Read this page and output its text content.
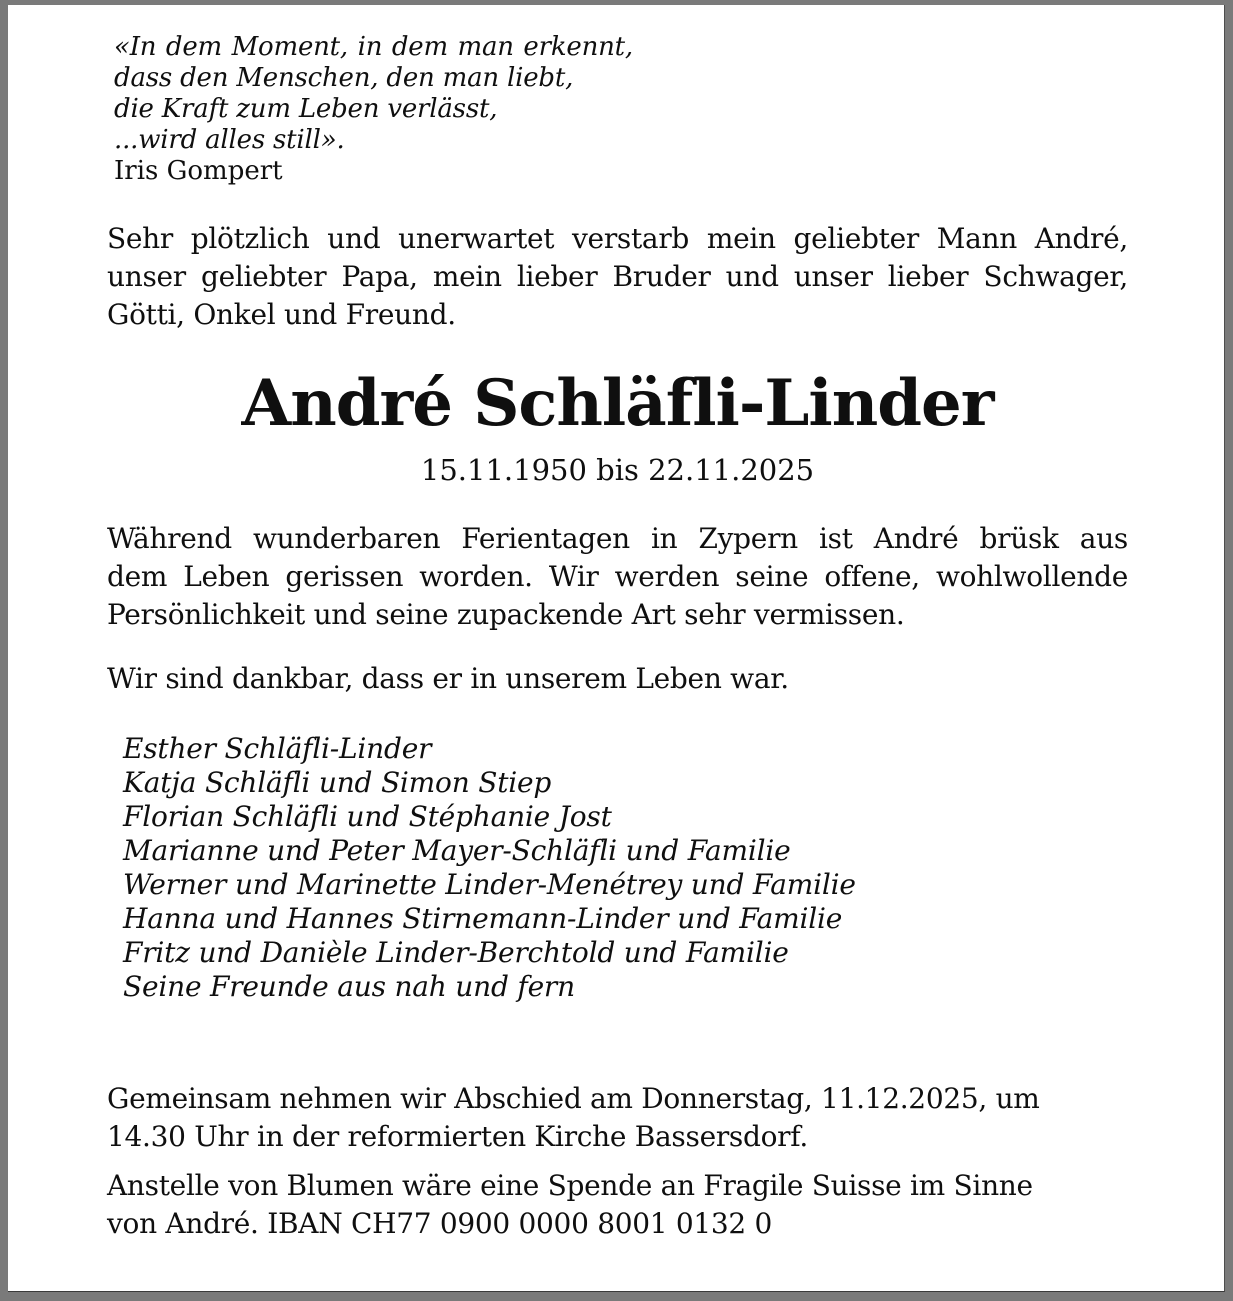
«In dem Moment, in dem man erkennt,
dass den Menschen, den man liebt,
die Kraft zum Leben verlässt,
...wird alles still».
Iris Gompert
Sehr plötzlich und unerwartet verstarb mein geliebter Mann André,
unser geliebter Papa, mein lieber Bruder und unser lieber Schwager,
Götti, Onkel und Freund.
André Schläfli-Linder
15.11.1950 bis 22.11.2025
Während wunderbaren Ferientagen in Zypern ist André brüsk aus
dem Leben gerissen worden. Wir werden seine offene, wohlwollende
Persönlichkeit und seine zupackende Art sehr vermissen.
Wir sind dankbar, dass er in unserem Leben war.
Esther Schläfli-Linder
Katja Schläfli und Simon Stiep
Florian Schläfli und Stéphanie Jost
Marianne und Peter Mayer-Schläfli und Familie
Werner und Marinette Linder-Menétrey und Familie
Hanna und Hannes Stirnemann-Linder und Familie
Fritz und Danièle Linder-Berchtold und Familie
Seine Freunde aus nah und fern
Gemeinsam nehmen wir Abschied am Donnerstag, 11.12.2025, um
14.30 Uhr in der reformierten Kirche Bassersdorf.
Anstelle von Blumen wäre eine Spende an Fragile Suisse im Sinne
von André. IBAN CH77 0900 0000 8001 0132 0
